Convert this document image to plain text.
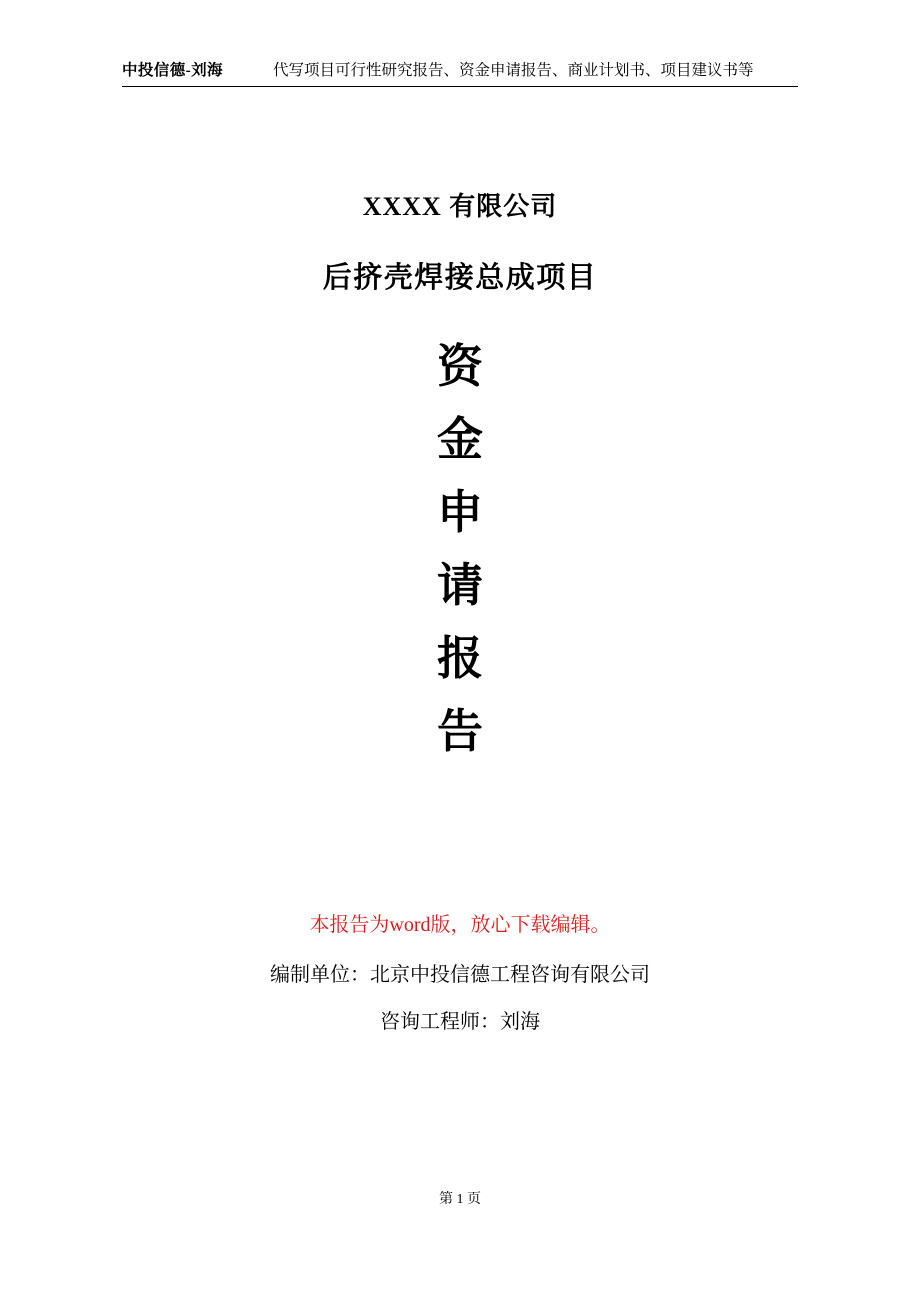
中投信德-刘海	代写项目可行性研究报告、资金申请报告、商业计划书、项目建议书等
XXXX 有限公司
后挤壳焊接总成项目
资
金
申
请
报
告
本报告为word版，放心下载编辑。
编制单位：北京中投信德工程咨询有限公司
咨询工程师：刘海
第 1 页
